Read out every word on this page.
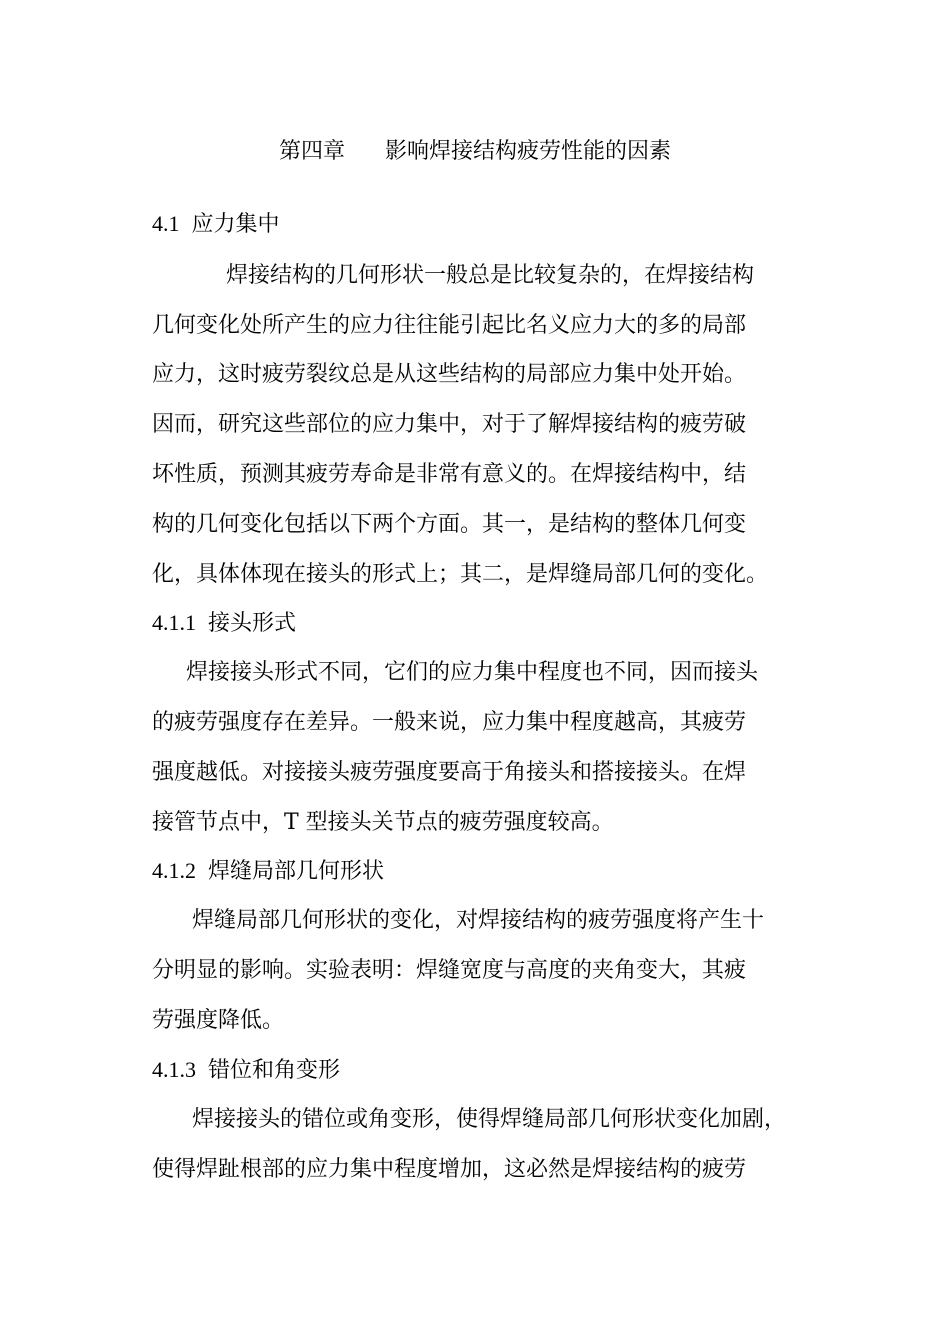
第四章 影响焊接结构疲劳性能的因素
4.1 应力集中
焊接结构的几何形状一般总是比较复杂的，在焊接结构
几何变化处所产生的应力往往能引起比名义应力大的多的局部
应力，这时疲劳裂纹总是从这些结构的局部应力集中处开始。
因而，研究这些部位的应力集中，对于了解焊接结构的疲劳破
坏性质，预测其疲劳寿命是非常有意义的。在焊接结构中，结
构的几何变化包括以下两个方面。其一，是结构的整体几何变
化，具体体现在接头的形式上；其二，是焊缝局部几何的变化。
4.1.1 接头形式
焊接接头形式不同，它们的应力集中程度也不同，因而接头
的疲劳强度存在差异。一般来说，应力集中程度越高，其疲劳
强度越低。对接接头疲劳强度要高于角接头和搭接接头。在焊
接管节点中，T 型接头关节点的疲劳强度较高。
4.1.2 焊缝局部几何形状
焊缝局部几何形状的变化，对焊接结构的疲劳强度将产生十
分明显的影响。实验表明：焊缝宽度与高度的夹角变大，其疲
劳强度降低。
4.1.3 错位和角变形
焊接接头的错位或角变形，使得焊缝局部几何形状变化加剧，
使得焊趾根部的应力集中程度增加，这必然是焊接结构的疲劳
